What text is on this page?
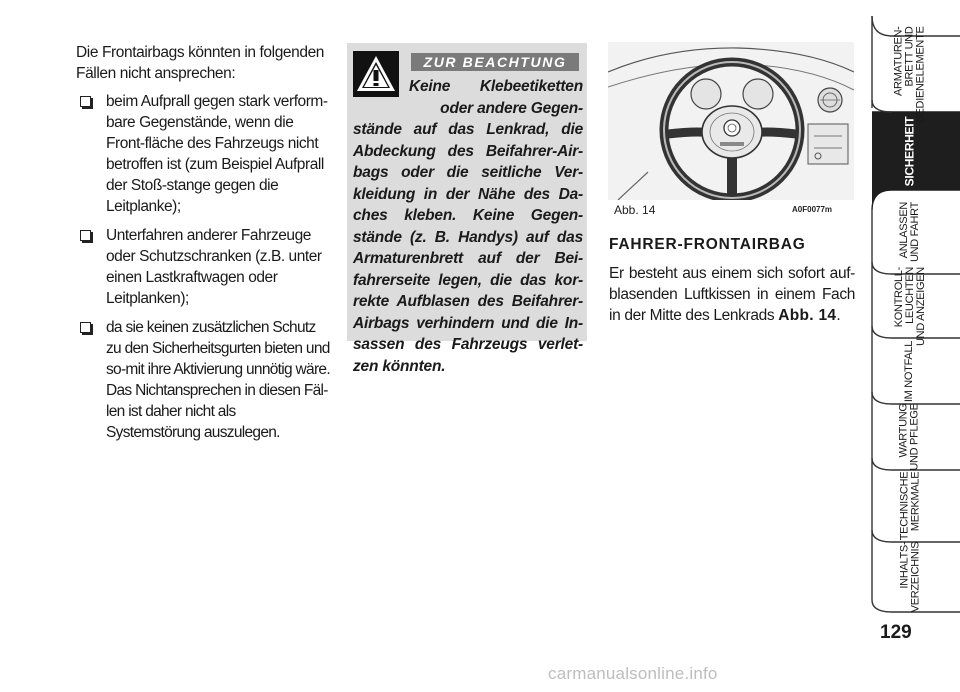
Die Frontairbags könnten in folgenden Fällen nicht ansprechen:

beim Aufprall gegen stark verform-bare Gegenstände, wenn die Front-fläche des Fahrzeugs nicht betroffen ist (zum Beispiel Aufprall der Stoß-stange gegen die Leitplanke);
Unterfahren anderer Fahrzeuge oder Schutzschranken (z.B. unter einen Lastkraftwagen oder Leitplanken);
da sie keinen zusätzlichen Schutz zu den Sicherheitsgurten bieten und so-mit ihre Aktivierung unnötig wäre. Das Nichtansprechen in diesen Fäl-len ist daher nicht als Systemstörung auszulegen.
ZUR BEACHTUNG
Keine Klebeetiketten
oder andere Gegen-
stände auf das Lenkrad, die Abdeckung des Beifahrer-Air-bags oder die seitliche Ver-kleidung in der Nähe des Da-ches kleben. Keine Gegen-stände (z. B. Handys) auf das Armaturenbrett auf der Bei-fahrerseite legen, die das kor-rekte Aufblasen des Beifahrer-Airbags verhindern und die In-sassen des Fahrzeugs verlet-zen könnten.
Abb. 14	A0F0077m
FAHRER-FRONTAIRBAG

Er besteht aus einem sich sofort auf-blasenden Luftkissen in einem Fach in der Mitte des Lenkrads Abb. 14.

ARMATUREN-
BRETT UND
BEDIENELEMENTE
SICHERHEIT
ANLASSEN
UND FAHRT
KONTROLL-
LEUCHTEN
UND ANZEIGEN
IM NOTFALL
WARTUNG
UND PFLEGE
TECHNISCHE
MERKMALE
INHALTS-
VERZEICHNIS
129
carmanualsonline.info
